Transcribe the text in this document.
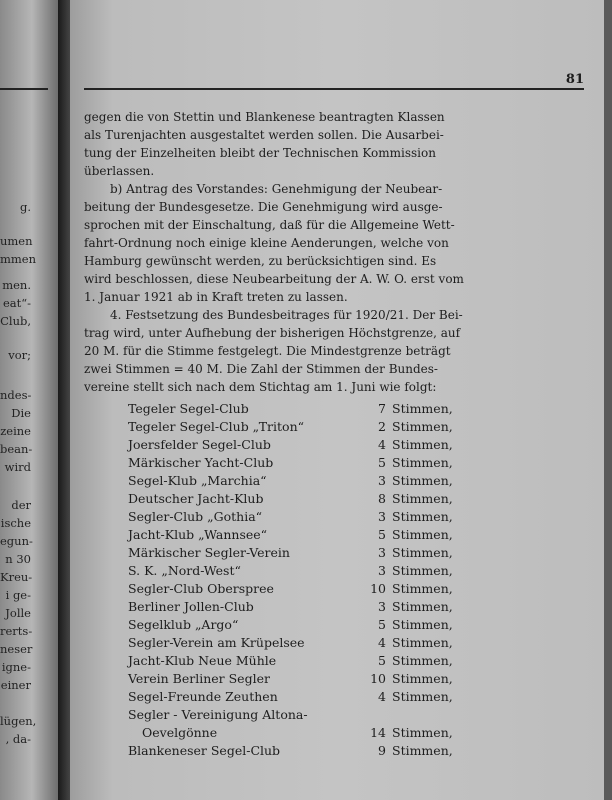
g.
umen
mmen
men.
eat“-
Club,
vor;
ndes-
Die
zeine
bean-
wird
der
ische
egun-
n 30
Kreu-
i ge-
Jolle
rerts-
neser
igne-
einer
lügen,
, da-
81

gegen die von Stettin und Blankenese beantragten Klassen
als Turenjachten ausgestaltet werden sollen. Die Ausarbei-
tung der Einzelheiten bleibt der Technischen Kommission
überlassen.

b) Antrag des Vorstandes: Genehmigung der Neubear-
beitung der Bundesgesetze. Die Genehmigung wird ausge-
sprochen mit der Einschaltung, daß für die Allgemeine Wett-
fahrt-Ordnung noch einige kleine Aenderungen, welche von
Hamburg gewünscht werden, zu berücksichtigen sind. Es
wird beschlossen, diese Neubearbeitung der A. W. O. erst vom
1. Januar 1921 ab in Kraft treten zu lassen.

4. Festsetzung des Bundesbeitrages für 1920/21. Der Bei-
trag wird, unter Aufhebung der bisherigen Höchstgrenze, auf
20 M. für die Stimme festgelegt. Die Mindestgrenze beträgt
zwei Stimmen = 40 M. Die Zahl der Stimmen der Bundes-
vereine stellt sich nach dem Stichtag am 1. Juni wie folgt:

Tegeler Segel-Club	7	Stimmen,
Tegeler Segel-Club „Triton“	2	Stimmen,
Joersfelder Segel-Club	4	Stimmen,
Märkischer Yacht-Club	5	Stimmen,
Segel-Klub „Marchia“	3	Stimmen,
Deutscher Jacht-Klub	8	Stimmen,
Segler-Club „Gothia“	3	Stimmen,
Jacht-Klub „Wannsee“	5	Stimmen,
Märkischer Segler-Verein	3	Stimmen,
S. K. „Nord-West“	3	Stimmen,
Segler-Club Oberspree	10	Stimmen,
Berliner Jollen-Club	3	Stimmen,
Segelklub „Argo“	5	Stimmen,
Segler-Verein am Krüpelsee	4	Stimmen,
Jacht-Klub Neue Mühle	5	Stimmen,
Verein Berliner Segler	10	Stimmen,
Segel-Freunde Zeuthen	4	Stimmen,
Segler - Vereinigung Altona-		
Oevelgönne	14	Stimmen,
Blankeneser Segel-Club	9	Stimmen,
